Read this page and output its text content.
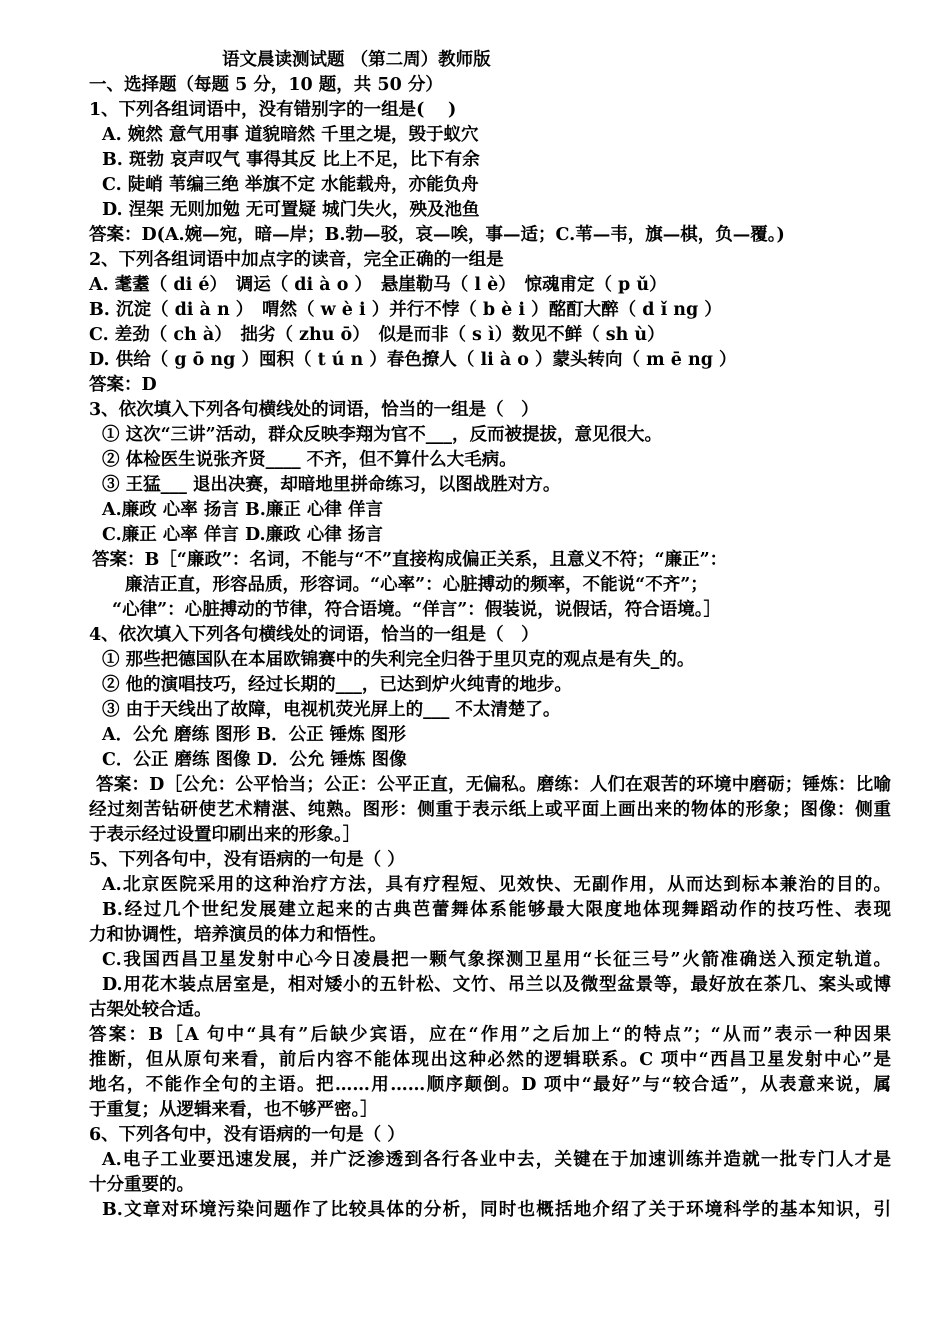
语文晨读测试题 （第二周）教师版
一、选择题（每题 5 分，10 题，共 50 分）
1、下列各组词语中，没有错别字的一组是(　 )
A. 婉然 意气用事 道貌暗然 千里之堤，毁于蚁穴
B. 斑勃 哀声叹气 事得其反 比上不足，比下有余
C. 陡峭 苇编三绝 举旗不定 水能载舟，亦能负舟
D. 涅架 无则加勉 无可置疑 城门失火，殃及池鱼
答案：D(A.婉—宛，暗—岸；B.勃—驳，哀—唉，事—适；C.苇—韦，旗—棋，负—覆。)
2、下列各组词语中加点字的读音，完全正确的一组是
A. 耄耋（ di é）　调运（ di à o ）　悬崖勒马（ l è）　惊魂甫定（ p ǔ）
B. 沉淀（ di à n ）　喟然（ w è i ）并行不悖（ b è i ）酩酊大醉（ d ǐ ng ）
C. 差劲（ ch à）　拙劣（ zhu ō）　似是而非（ s ì）数见不鲜（ sh ù）
D. 供给（ g ō ng ）囤积（ t ú n ）春色撩人（ li à o ）蒙头转向（ m ē ng ）
答案：D
3、依次填入下列各句横线处的词语，恰当的一组是（　）
① 这次“三讲”活动，群众反映李翔为官不___，反而被提拔，意见很大。
② 体检医生说张齐贤____ 不齐，但不算什么大毛病。
③ 王猛___ 退出决赛，却暗地里拼命练习，以图战胜对方。
A.廉政 心率 扬言 B.廉正 心律 佯言
C.廉正 心率 佯言 D.廉政 心律 扬言
答案：B［“廉政”：名词，不能与“不”直接构成偏正关系，且意义不符；“廉正”：
廉洁正直，形容品质，形容词。“心率”：心脏搏动的频率，不能说“不齐”；
“心律”：心脏搏动的节律，符合语境。“佯言”：假装说，说假话，符合语境。］
4、依次填入下列各句横线处的词语，恰当的一组是（　）
① 那些把德国队在本届欧锦赛中的失利完全归咎于里贝克的观点是有失_的。
② 他的演唱技巧，经过长期的___，已达到炉火纯青的地步。
③ 由于天线出了故障，电视机荧光屏上的___ 不太清楚了。
A．公允 磨练 图形 B．公正 锤炼 图形
C．公正 磨练 图像 D．公允 锤炼 图像
答案：D［公允：公平恰当；公正：公平正直，无偏私。磨练：人们在艰苦的环境中磨砺；锤炼：比喻
经过刻苦钻研使艺术精湛、纯熟。图形：侧重于表示纸上或平面上画出来的物体的形象；图像：侧重
于表示经过设置印刷出来的形象。］
5、下列各句中，没有语病的一句是（ ）
A.北京医院采用的这种治疗方法，具有疗程短、见效快、无副作用，从而达到标本兼治的目的。
B.经过几个世纪发展建立起来的古典芭蕾舞体系能够最大限度地体现舞蹈动作的技巧性、表现
力和协调性，培养演员的体力和悟性。
C.我国西昌卫星发射中心今日凌晨把一颗气象探测卫星用“长征三号”火箭准确送入预定轨道。
D.用花木装点居室是，相对矮小的五针松、文竹、吊兰以及微型盆景等，最好放在茶几、案头或博
古架处较合适。
答案：B［A 句中“具有”后缺少宾语，应在“作用”之后加上“的特点”；“从而”表示一种因果
推断，但从原句来看，前后内容不能体现出这种必然的逻辑联系。C 项中“西昌卫星发射中心”是
地名，不能作全句的主语。把……用……顺序颠倒。D 项中“最好”与“较合适”，从表意来说，属
于重复；从逻辑来看，也不够严密。］
6、下列各句中，没有语病的一句是（ ）
A.电子工业要迅速发展，并广泛渗透到各行各业中去，关键在于加速训练并造就一批专门人才是
十分重要的。
B.文章对环境污染问题作了比较具体的分析，同时也概括地介绍了关于环境科学的基本知识，引
